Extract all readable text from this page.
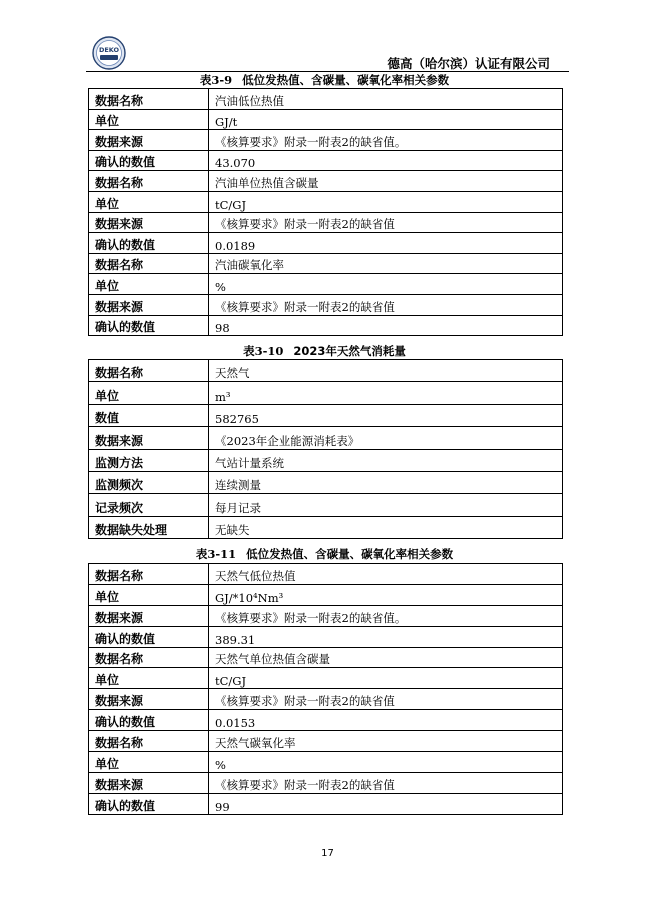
DEKO
德高（哈尔滨）认证有限公司
表3-9 低位发热值、含碳量、碳氧化率相关参数
数据名称	汽油低位热值
单位	GJ/t
数据来源	《核算要求》附录一附表2的缺省值。
确认的数值	43.070
数据名称	汽油单位热值含碳量
单位	tC/GJ
数据来源	《核算要求》附录一附表2的缺省值
确认的数值	0.0189
数据名称	汽油碳氧化率
单位	%
数据来源	《核算要求》附录一附表2的缺省值
确认的数值	98
表3-10 2023年天然气消耗量
数据名称	天然气
单位	m³
数值	582765
数据来源	《2023年企业能源消耗表》
监测方法	气站计量系统
监测频次	连续测量
记录频次	每月记录
数据缺失处理	无缺失
表3-11 低位发热值、含碳量、碳氧化率相关参数
数据名称	天然气低位热值
单位	GJ/*10⁴Nm³
数据来源	《核算要求》附录一附表2的缺省值。
确认的数值	389.31
数据名称	天然气单位热值含碳量
单位	tC/GJ
数据来源	《核算要求》附录一附表2的缺省值
确认的数值	0.0153
数据名称	天然气碳氧化率
单位	%
数据来源	《核算要求》附录一附表2的缺省值
确认的数值	99
17
